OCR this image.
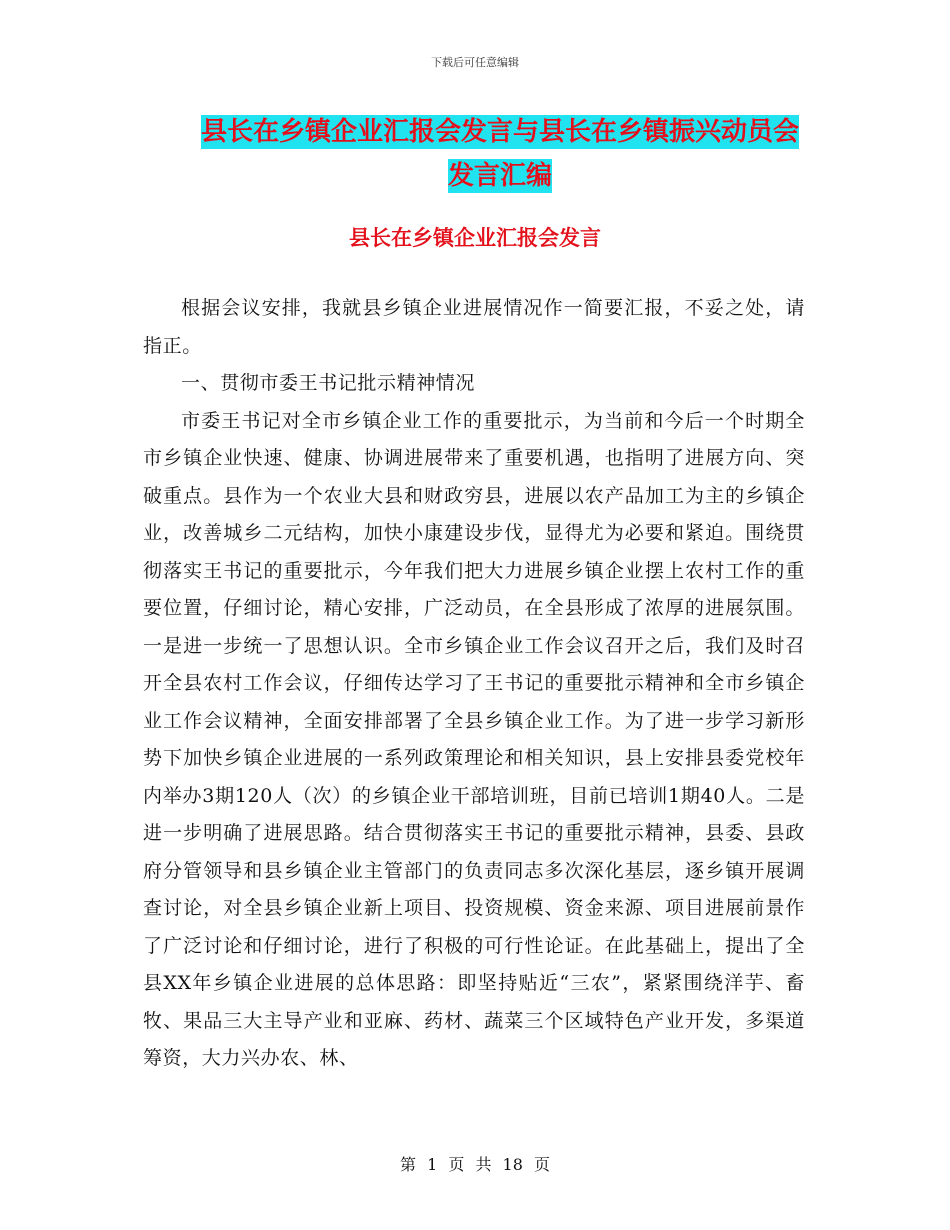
下载后可任意编辑
县长在乡镇企业汇报会发言与县长在乡镇振兴动员会
发言汇编
县长在乡镇企业汇报会发言

根据会议安排，我就县乡镇企业进展情况作一简要汇报，不妥之处，请指正。

一、贯彻市委王书记批示精神情况

市委王书记对全市乡镇企业工作的重要批示，为当前和今后一个时期全市乡镇企业快速、健康、协调进展带来了重要机遇，也指明了进展方向、突破重点。县作为一个农业大县和财政穷县，进展以农产品加工为主的乡镇企业，改善城乡二元结构，加快小康建设步伐，显得尤为必要和紧迫。围绕贯彻落实王书记的重要批示，今年我们把大力进展乡镇企业摆上农村工作的重要位置，仔细讨论，精心安排，广泛动员，在全县形成了浓厚的进展氛围。一是进一步统一了思想认识。全市乡镇企业工作会议召开之后，我们及时召开全县农村工作会议，仔细传达学习了王书记的重要批示精神和全市乡镇企业工作会议精神，全面安排部署了全县乡镇企业工作。为了进一步学习新形势下加快乡镇企业进展的一系列政策理论和相关知识，县上安排县委党校年内举办3期120人（次）的乡镇企业干部培训班，目前已培训1期40人。二是进一步明确了进展思路。结合贯彻落实王书记的重要批示精神，县委、县政府分管领导和县乡镇企业主管部门的负责同志多次深化基层，逐乡镇开展调查讨论，对全县乡镇企业新上项目、投资规模、资金来源、项目进展前景作了广泛讨论和仔细讨论，进行了积极的可行性论证。在此基础上，提出了全县XX年乡镇企业进展的总体思路：即坚持贴近“三农”，紧紧围绕洋芋、畜牧、果品三大主导产业和亚麻、药材、蔬菜三个区域特色产业开发，多渠道筹资，大力兴办农、林、

第 1 页 共 18 页
